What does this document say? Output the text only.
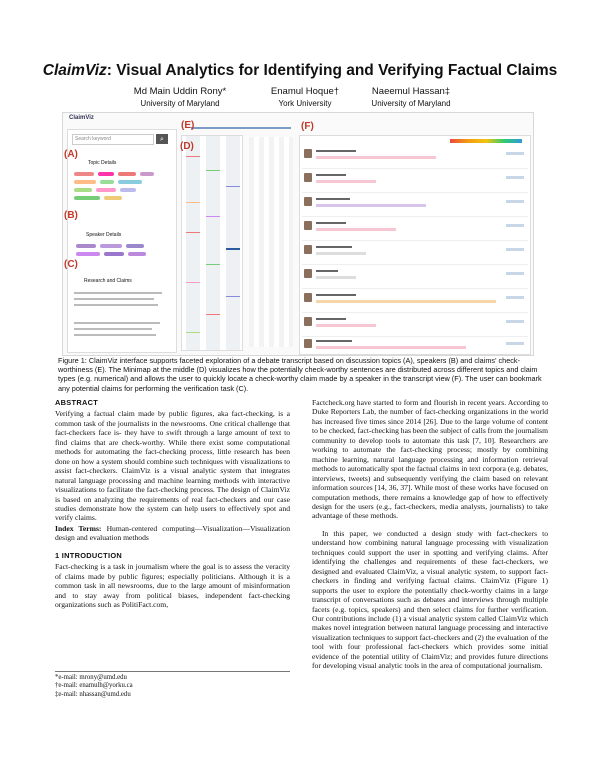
ClaimViz: Visual Analytics for Identifying and Verifying Factual Claims
Md Main Uddin Rony*
University of Maryland
Enamul Hoque†
York University
Naeemul Hassan‡
University of Maryland
ClaimViz
Search keyword	⌕
Topic Details
Speaker Details
Research and Claims
(A)
(B)
(C)
(D)
(E)	(F)
Figure 1: ClaimViz interface supports faceted exploration of a debate transcript based on discussion topics (A), speakers (B) and claims' check-worthiness (E). The Minimap at the middle (D) visualizes how the potentially check-worthy sentences are distributed across different topics and claim types (e.g. numerical) and allows the user to quickly locate a check-worthy claim made by a speaker in the transcript view (F). The user can bookmark any potential claims for performing the verification task (C).
ABSTRACT

Verifying a factual claim made by public figures, aka fact-checking, is a common task of the journalists in the newsrooms. One critical challenge that fact-checkers face is- they have to swift through a large amount of text to find claims that are check-worthy. While there exist some computational methods for automating the fact-checking process, little research has been done on how a system should combine such techniques with visualizations to assist fact-checkers. ClaimViz is a visual analytic system that integrates natural language processing and machine learning methods with interactive visualizations to facilitate the fact-checking process. The design of ClaimViz is based on analyzing the requirements of real fact-checkers and our case studies demonstrate how the system can help users to effectively spot and verify claims.

Index Terms: Human-centered computing—Visualization—Visualization design and evaluation methods

1 INTRODUCTION

Fact-checking is a task in journalism where the goal is to assess the veracity of claims made by public figures; especially politicians. Although it is a common task in all newsrooms, due to the large amount of misinformation and to stay away from political biases, independent fact-checking organizations such as PolitiFact.com,

*e-mail: mrony@umd.edu
†e-mail: enamulh@yorku.ca
‡e-mail: nhassan@umd.edu

Factcheck.org have started to form and flourish in recent years. According to Duke Reporters Lab, the number of fact-checking organizations in the world has increased five times since 2014 [26]. Due to the large volume of content to be checked, fact-checking has been the subject of calls from the journalism community to develop tools to automate this task [7, 10]. Researchers are working to automate the fact-checking process; mostly by combining machine learning, natural language processing and information retrieval methods to automatically spot the factual claims in text corpora (e.g. debates, interviews, tweets) and subsequently verifying the claim based on relevant information sources [14, 36, 37]. While most of these works have focused on computation methods, there remains a knowledge gap of how to effectively design for the users (e.g., fact-checkers, media analysts, journalists) to take advantage of these methods.

In this paper, we conducted a design study with fact-checkers to understand how combining natural language processing with visualization techniques could support the user in spotting and verifying claims. After identifying the challenges and requirements of these fact-checkers, we designed and evaluated ClaimViz, a visual analytic system, to support fact-checkers in finding and verifying factual claims. ClaimViz (Figure 1) supports the user to explore the potentially check-worthy claims in a large transcript of conversations such as debates and interviews through multiple facets (e.g. topics, speakers) and then select claims for further verification. Our contributions include (1) a visual analytic system called ClaimViz which makes novel integration between natural language processing and interactive visualization techniques to support fact-checkers and (2) the evaluation of the tool with four professional fact-checkers which provides some initial evidence of the potential utility of ClaimViz; and provides future directions for developing visual analytic tools in the area of computational journalism.
